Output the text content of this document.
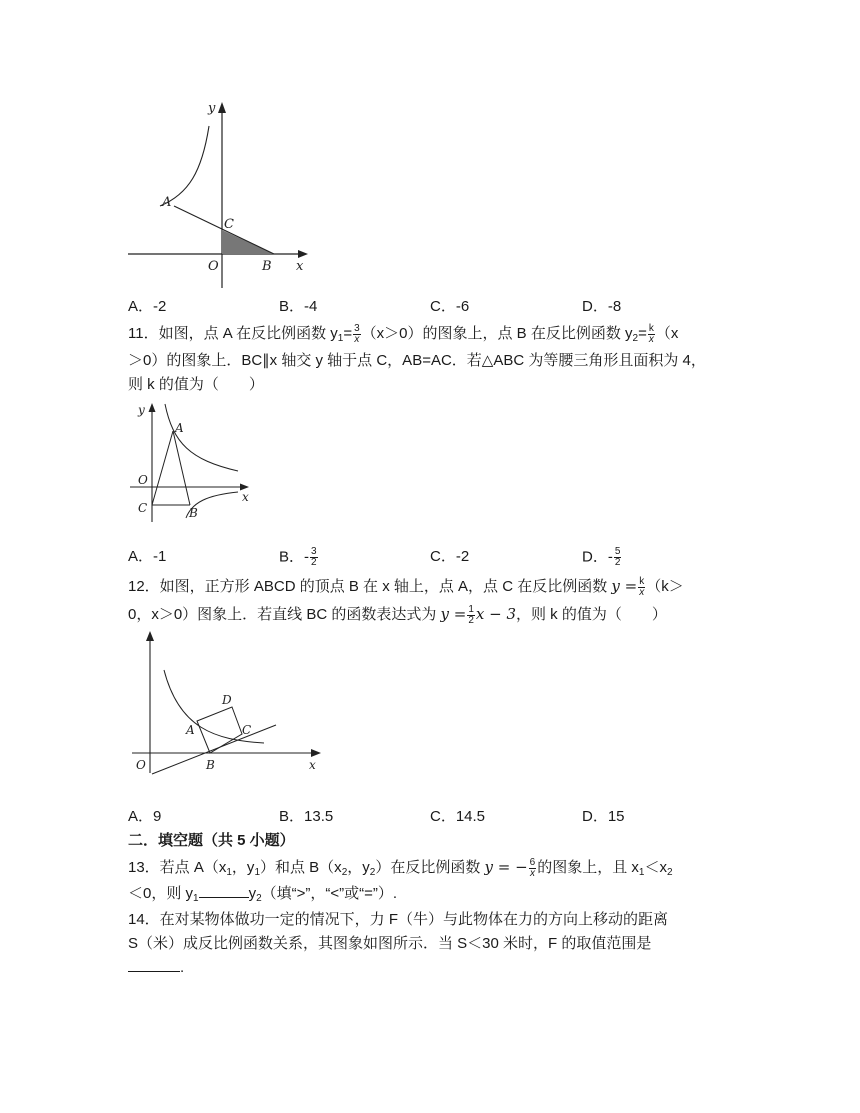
y
A
C
O	B x
A．-2	B．-4	C．-6	D．-8
11．如图，点 A 在反比例函数 $y_1= \frac{3}{x} (x>0)$的图象上，点 B 在反比例函数 $y_2= \frac{k}{x} (x$
＞0）的图象上．BC∥x 轴交 y 轴于点 C，AB=AC．若△ABC 为等腰三角形且面积为 4，
则 k 的值为（　　）
y
A
O
x
C	B
A．-1	B．- $\frac{3}{2}$	C．-2	D．- $\frac{5}{2}$
12．如图，正方形 ABCD 的顶点 B 在 x 轴上，点 A，点 C 在反比例函数 $y = \frac{k}{x} (k>$
0，x＞0）图象上．若直线 BC 的函数表达式为 $y = \frac{1}{2}$ x − 3，则 k 的值为（　　）
D
A	C
O	B	x
A．9	B．13.5	C．14.5	D．15
二．填空题（共 5 小题）
13．若点 $A(x_1$，$y_1$）和点 $B(x_2$，$y_2$）在反比例函数 y = − $\frac{6}{x}$ 的图象上，且 $x_1<x_2$
＜0，则 $y_1$	$y_2$（填“>”，“<”或“=”）.
14．在对某物体做功一定的情况下，力 F（牛）与此物体在力的方向上移动的距离
S（米）成反比例函数关系，其图象如图所示．当 S＜30 米时，F 的取值范围是
.
